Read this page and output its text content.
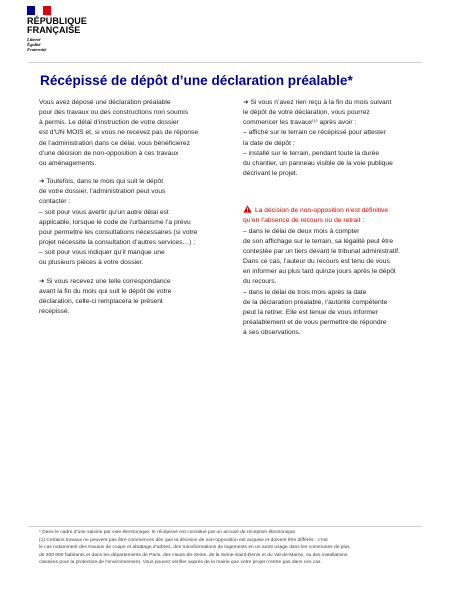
RÉPUBLIQUE
FRANÇAISE
Liberté
Égalité
Fraternité
Récépissé de dépôt d’une déclaration préalable*

Vous avez déposé une déclaration préalable
pour des travaux ou des constructions non soumis
à permis. Le délai d’instruction de votre dossier
est d’UN MOIS et, si vous ne recevez pas de réponse
de l’administration dans ce délai, vous bénéficierez
d’une décision de non-opposition à ces travaux
ou aménagements.

➜ Toutefois, dans le mois qui suit le dépôt
de votre dossier, l’administration peut vous
contacter :
– soit pour vous avertir qu’un autre délai est
applicable, lorsque le code de l’urbanisme l’a prévu
pour permettre les consultations nécessaires (si votre
projet nécessite la consultation d’autres services…) ;
– soit pour vous indiquer qu’il manque une
ou plusieurs pièces à votre dossier.

➜ Si vous recevez une telle correspondance
avant la fin du mois qui suit le dépôt de votre
déclaration, celle-ci remplacera le présent
récépissé.

➜ Si vous n’avez rien reçu à la fin du mois suivant
le dépôt de votre déclaration, vous pourrez
commencer les travaux⁽¹⁾ après avoir :
– affiché sur le terrain ce récépissé pour attester
la date de dépôt ;
– installé sur le terrain, pendant toute la durée
du chantier, un panneau visible de la voie publique
décrivant le projet.

La décision de non-opposition n’est définitive
qu’en l’absence de recours ou de retrait :

– dans le délai de deux mois à compter
de son affichage sur le terrain, sa légalité peut être
contestée par un tiers devant le tribunal administratif.
Dans ce cas, l’auteur du recours est tenu de vous
en informer au plus tard quinze jours après le dépôt
du recours.
– dans le délai de trois mois après la date
de la déclaration préalable, l’autorité compétente
peut la retirer. Elle est tenue de vous informer
préalablement et de vous permettre de répondre
à ses observations.

* Dans le cadre d’une saisine par voie électronique, le récépissé est constitué par un accusé de réception électronique.

(1) Certains travaux ne peuvent pas être commencés dès que la décision de non-opposition est acquise et doivent être différés : c’est

le cas notamment des travaux de coupe et abattage d’arbres, des transformations de logements en un autre usage dans les communes de plus

de 200 000 habitants et dans les départements de Paris, des Hauts-de-Seine, de la Seine-Saint-Denis et du Val-de-Marne, ou des installations

classées pour la protection de l’environnement. Vous pouvez vérifier auprès de la mairie que votre projet n’entre pas dans ces cas.
